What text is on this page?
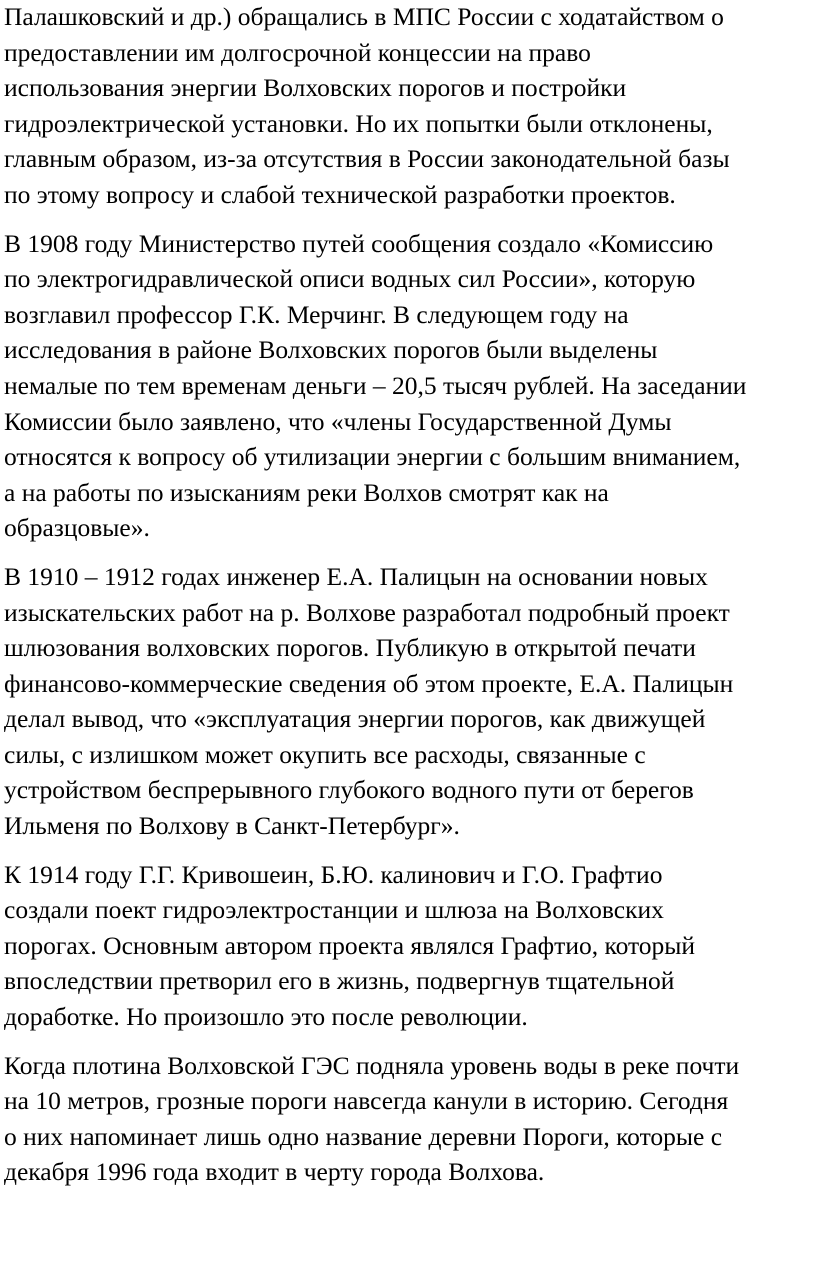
Палашковский и др.) обращались в МПС России с ходатайством о
предоставлении им долгосрочной концессии на право
использования энергии Волховских порогов и постройки
гидроэлектрической установки. Но их попытки были отклонены,
главным образом, из-за отсутствия в России законодательной базы
по этому вопросу и слабой технической разработки проектов.

В 1908 году Министерство путей сообщения создало «Комиссию
по электрогидравлической описи водных сил России», которую
возглавил профессор Г.К. Мерчинг. В следующем году на
исследования в районе Волховских порогов были выделены
немалые по тем временам деньги – 20,5 тысяч рублей. На заседании
Комиссии было заявлено, что «члены Государственной Думы
относятся к вопросу об утилизации энергии с большим вниманием,
а на работы по изысканиям реки Волхов смотрят как на
образцовые».

В 1910 – 1912 годах инженер Е.А. Палицын на основании новых
изыскательских работ на р. Волхове разработал подробный проект
шлюзования волховских порогов. Публикую в открытой печати
финансово-коммерческие сведения об этом проекте, Е.А. Палицын
делал вывод, что «эксплуатация энергии порогов, как движущей
силы, с излишком может окупить все расходы, связанные с
устройством беспрерывного глубокого водного пути от берегов
Ильменя по Волхову в Санкт-Петербург».

К 1914 году Г.Г. Кривошеин, Б.Ю. калинович и Г.О. Графтио
создали поект гидроэлектростанции и шлюза на Волховских
порогах. Основным автором проекта являлся Графтио, который
впоследствии претворил его в жизнь, подвергнув тщательной
доработке. Но произошло это после революции.

Когда плотина Волховской ГЭС подняла уровень воды в реке почти
на 10 метров, грозные пороги навсегда канули в историю. Сегодня
о них напоминает лишь одно название деревни Пороги, которые с
декабря 1996 года входит в черту города Волхова.
